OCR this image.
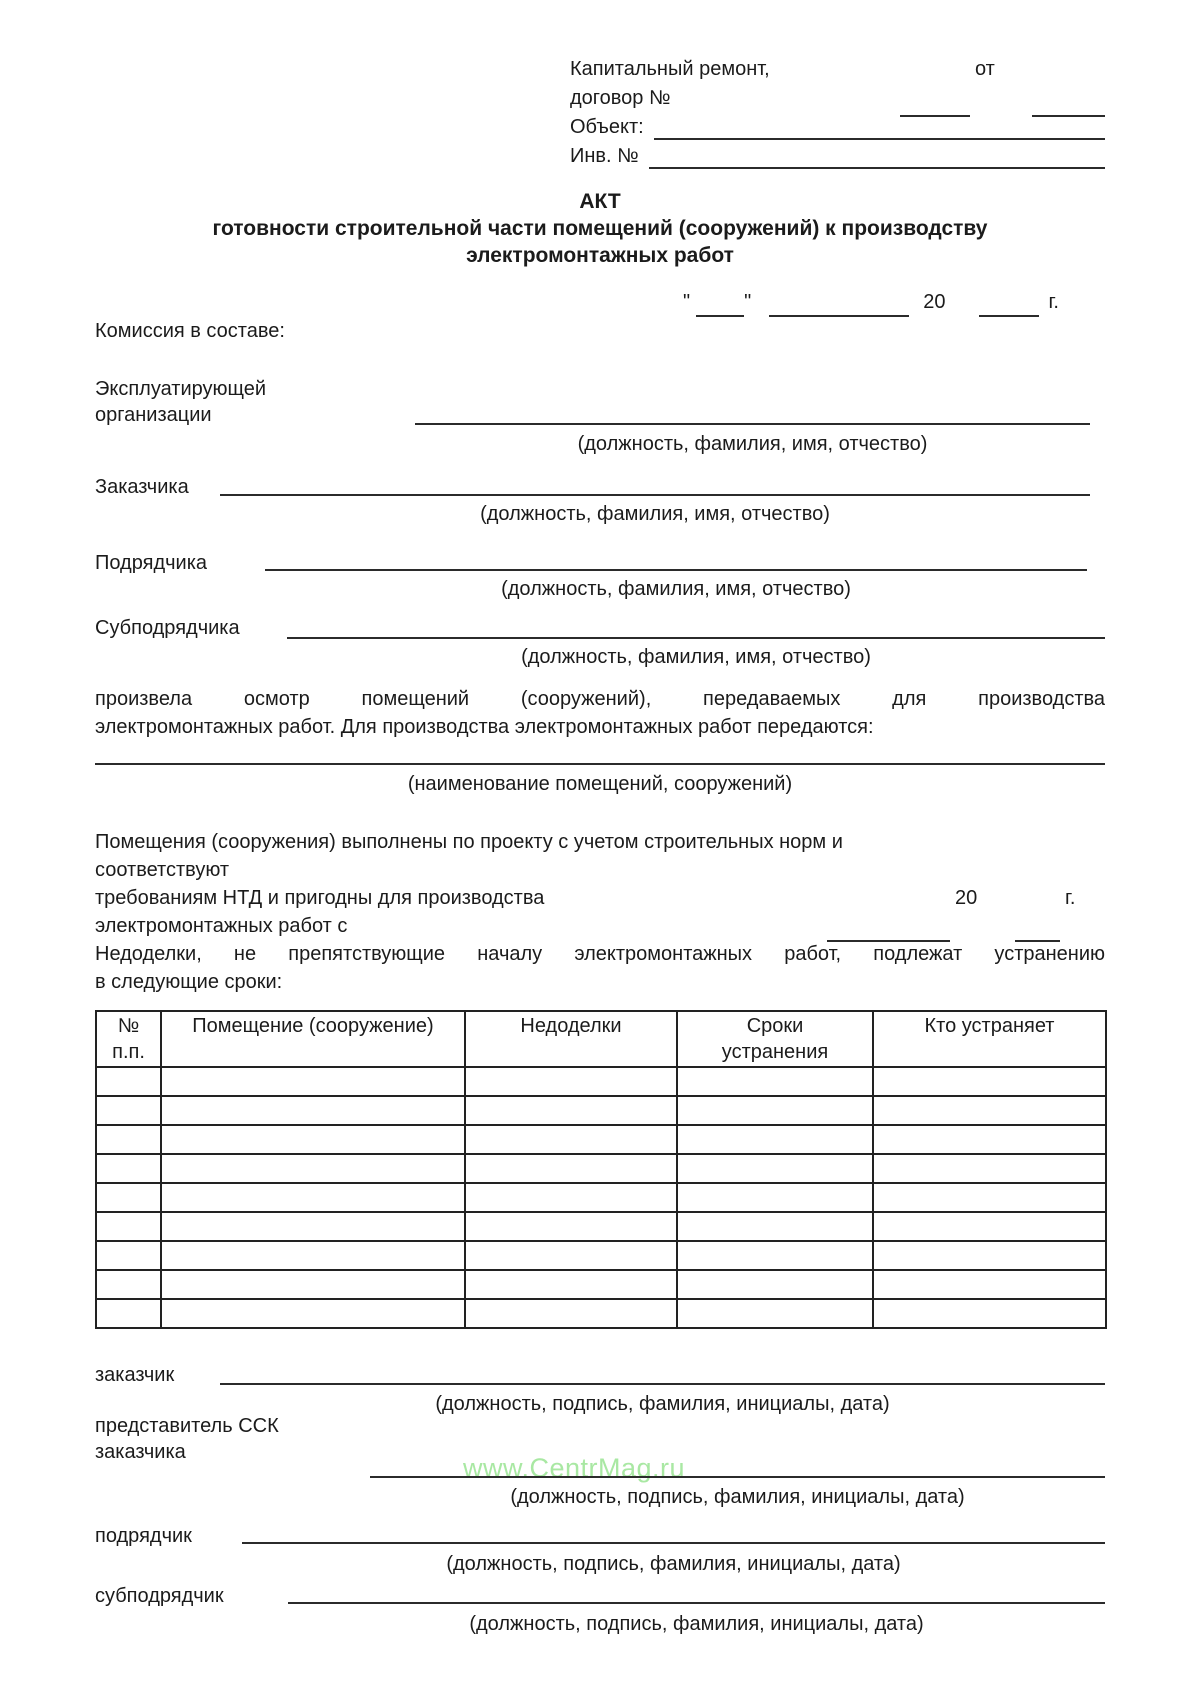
Капитальный ремонт,	от
договор №
Объект:
Инв. №
АКТ
готовности строительной части помещений (сооружений) к производству электромонтажных работ
"	"	20	г.
Комиссия в составе:
Эксплуатирующей организации
(должность, фамилия, имя, отчество)
Заказчика
(должность, фамилия, имя, отчество)
Подрядчика
(должность, фамилия, имя, отчество)
Субподрядчика
(должность, фамилия, имя, отчество)
произвела осмотр помещений (сооружений), передаваемых для производства
электромонтажных работ. Для производства электромонтажных работ передаются:
(наименование помещений, сооружений)
Помещения (сооружения) выполнены по проекту с учетом строительных норм и
соответствуют
требованиям НТД и пригодны для производства	20	г.
электромонтажных работ с
Недоделки, не препятствующие началу электромонтажных работ, подлежат устранению
в следующие сроки:
№ п.п.	Помещение (сооружение)	Недоделки	Сроки устранения	Кто устраняет

заказчик
(должность, подпись, фамилия, инициалы, дата)
представитель ССК заказчика
www.CentrMag.ru
(должность, подпись, фамилия, инициалы, дата)
подрядчик
(должность, подпись, фамилия, инициалы, дата)
субподрядчик
(должность, подпись, фамилия, инициалы, дата)
